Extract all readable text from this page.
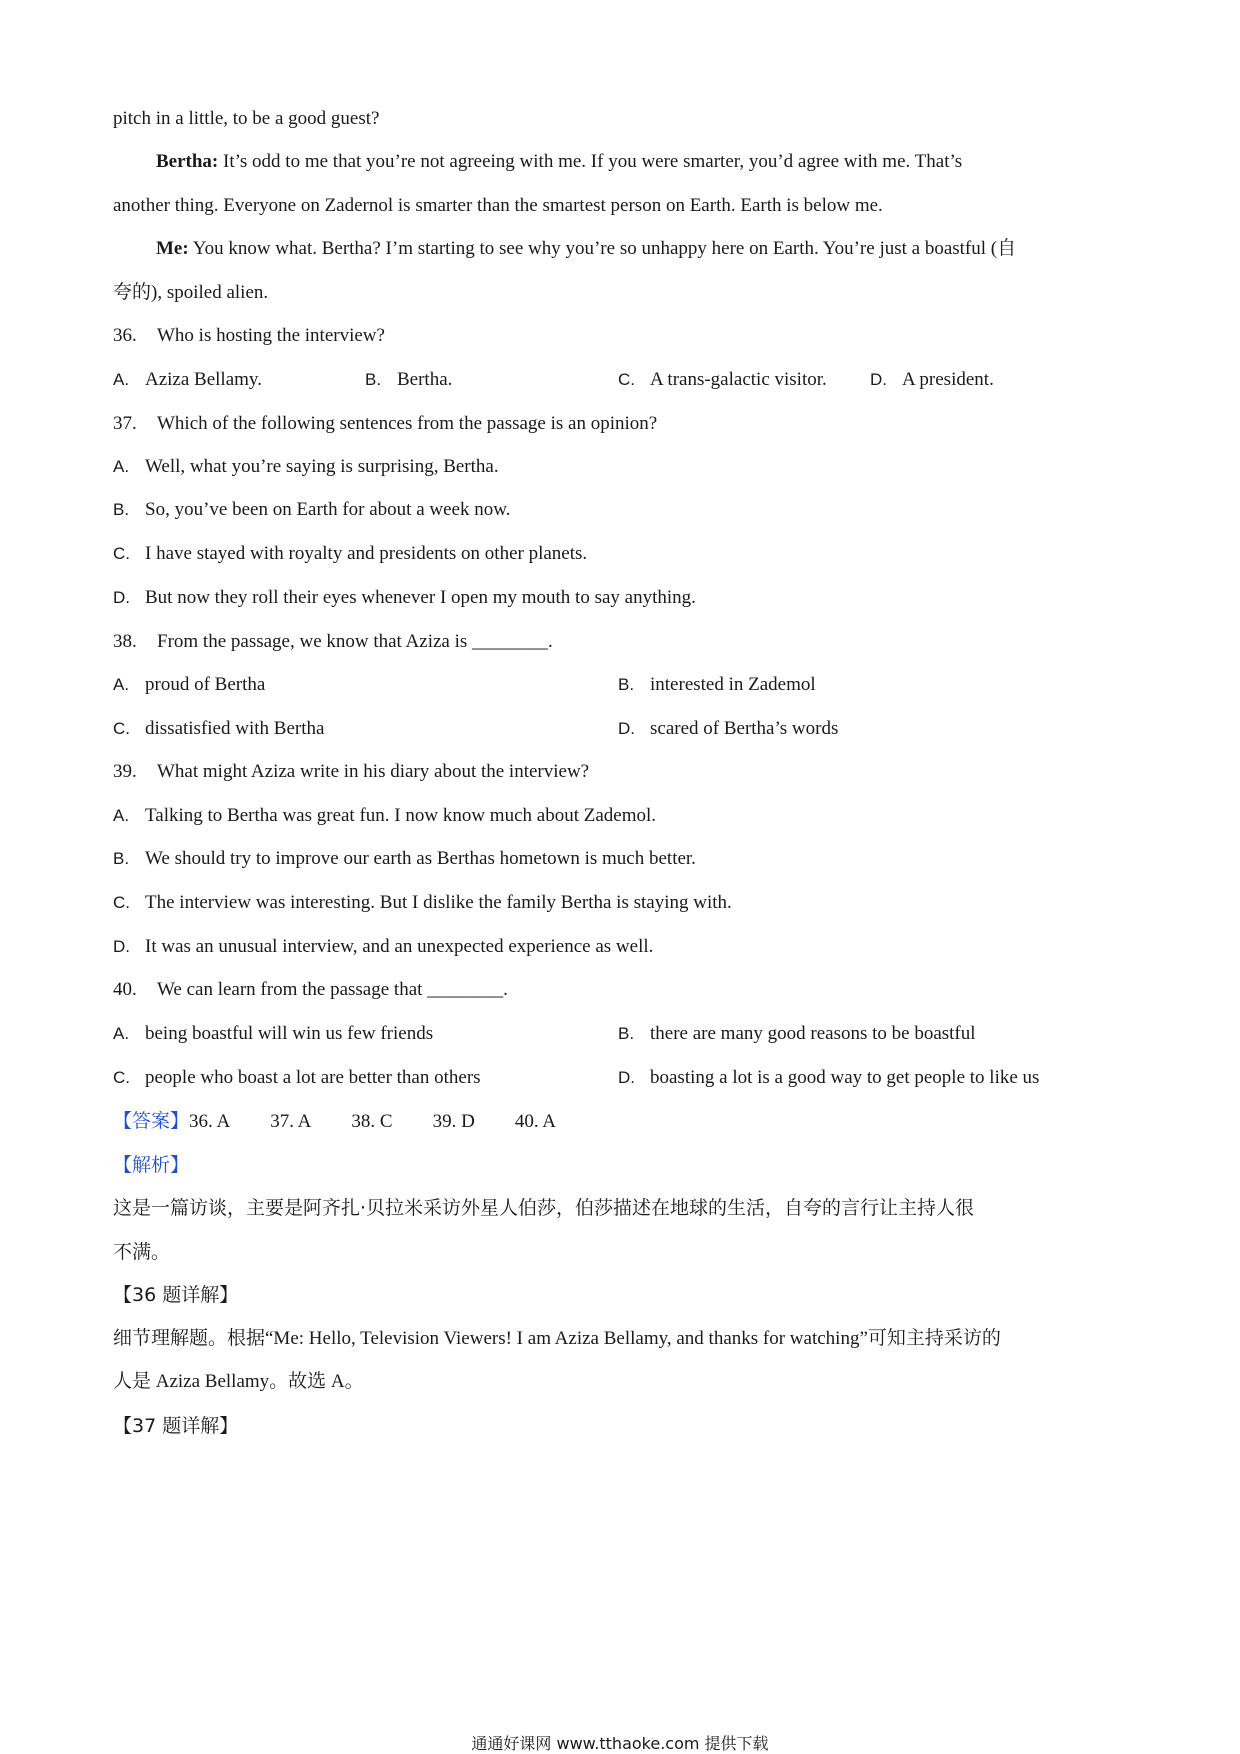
pitch in a little, to be a good guest?
Bertha: It’s odd to me that you’re not agreeing with me. If you were smarter, you’d agree with me. That’s
another thing. Everyone on Zadernol is smarter than the smartest person on Earth. Earth is below me.
Me: You know what. Bertha? I’m starting to see why you’re so unhappy here on Earth. You’re just a boastful (自
夸的), spoiled alien.
36. Who is hosting the interview?
A. Aziza Bellamy.	B. Bertha.	C. A trans-galactic visitor.	D. A president.
37. Which of the following sentences from the passage is an opinion?
A. Well, what you’re saying is surprising, Bertha.
B. So, you’ve been on Earth for about a week now.
C. I have stayed with royalty and presidents on other planets.
D. But now they roll their eyes whenever I open my mouth to say anything.
38. From the passage, we know that Aziza is ________.
A. proud of Bertha	B. interested in Zademol
C. dissatisfied with Bertha	D. scared of Bertha’s words
39. What might Aziza write in his diary about the interview?
A. Talking to Bertha was great fun. I now know much about Zademol.
B. We should try to improve our earth as Berthas hometown is much better.
C. The interview was interesting. But I dislike the family Bertha is staying with.
D. It was an unusual interview, and an unexpected experience as well.
40. We can learn from the passage that ________.
A. being boastful will win us few friends	B. there are many good reasons to be boastful
C. people who boast a lot are better than others	D. boasting a lot is a good way to get people to like us
【答案】36. A 37. A 38. C 39. D 40. A
【解析】
这是一篇访谈，主要是阿齐扎·贝拉米采访外星人伯莎，伯莎描述在地球的生活，自夸的言行让主持人很
不满。
【36 题详解】
细节理解题。根据“Me: Hello, Television Viewers! I am Aziza Bellamy, and thanks for watching”可知主持采访的
人是 Aziza Bellamy。故选 A。
【37 题详解】
通通好课网 www.tthaoke.com 提供下载
